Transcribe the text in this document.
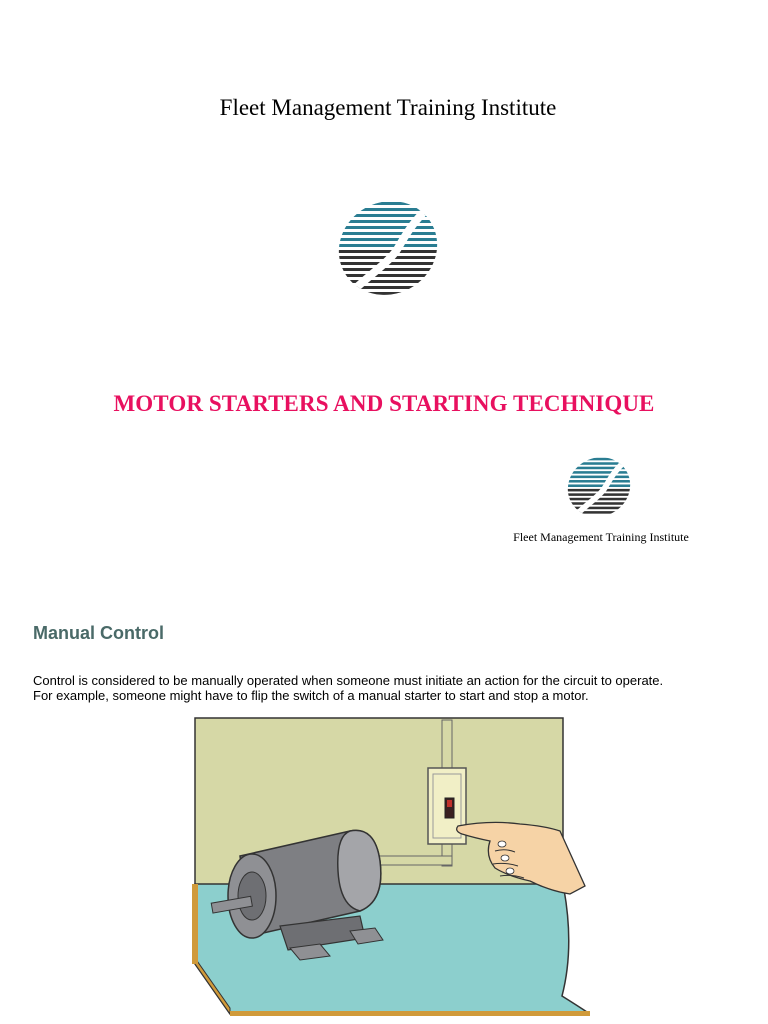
Fleet Management Training Institute
MOTOR STARTERS AND STARTING TECHNIQUE
Fleet Management Training Institute
Manual Control
Control is considered to be manually operated when someone must initiate an action for the circuit to operate.
For example, someone might have to flip the switch of a manual starter to start and stop a motor.
